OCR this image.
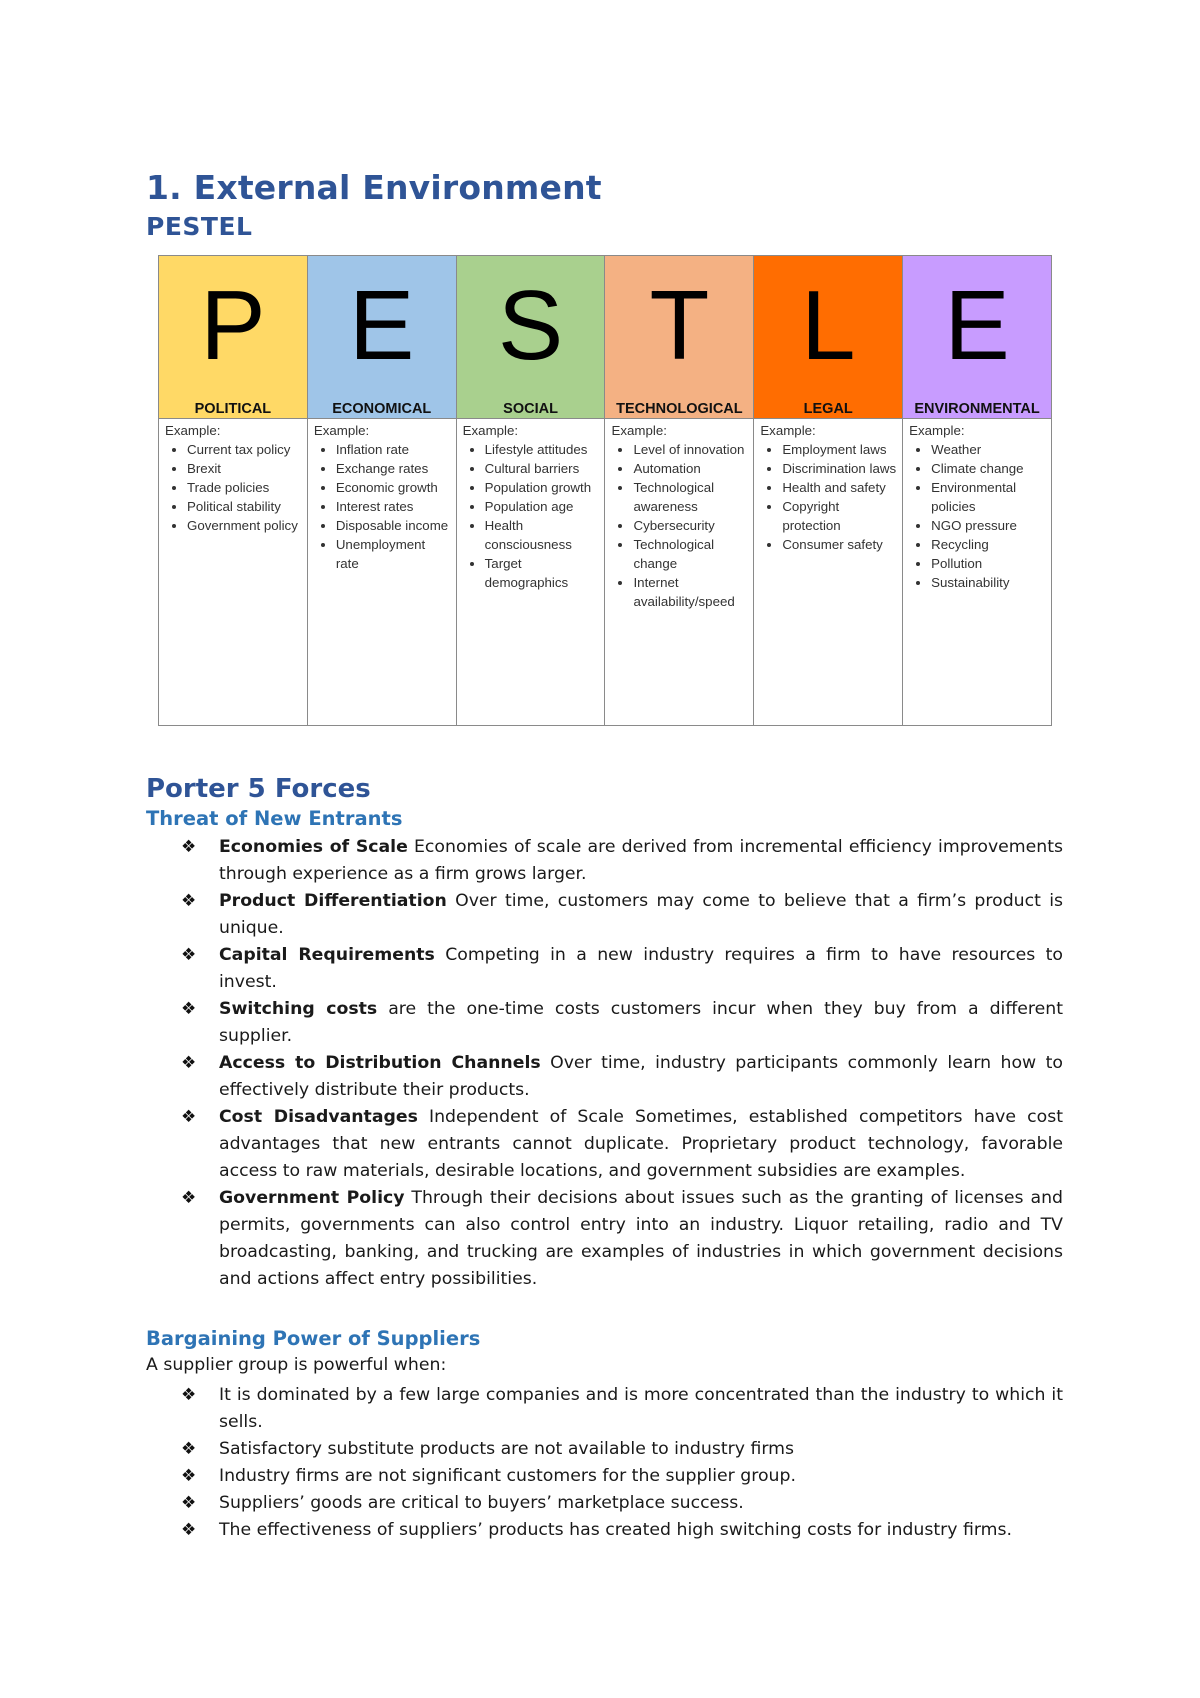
1. External Environment
PESTEL
P
POLITICAL
Example:
• Current tax policy
• Brexit
• Trade policies
• Political stability
• Government policy
E
ECONOMICAL
Example:
• Inflation rate
• Exchange rates
• Economic growth
• Interest rates
• Disposable income
• Unemployment rate
S
SOCIAL
Example:
• Lifestyle attitudes
• Cultural barriers
• Population growth
• Population age
• Health consciousness
• Target demographics
T
TECHNOLOGICAL
Example:
• Level of innovation
• Automation
• Technological awareness
• Cybersecurity
• Technological change
• Internet availability/speed
L
LEGAL
Example:
• Employment laws
• Discrimination laws
• Health and safety
• Copyright protection
• Consumer safety
E
ENVIRONMENTAL
Example:
• Weather
• Climate change
• Environmental policies
• NGO pressure
• Recycling
• Pollution
• Sustainability
Porter 5 Forces
Threat of New Entrants
❖ Economies of Scale Economies of scale are derived from incremental efficiency improvements through experience as a firm grows larger.
❖ Product Differentiation Over time, customers may come to believe that a firm’s product is unique.
❖ Capital Requirements Competing in a new industry requires a firm to have resources to invest.
❖ Switching costs are the one-time costs customers incur when they buy from a different supplier.
❖ Access to Distribution Channels Over time, industry participants commonly learn how to effectively distribute their products.
❖ Cost Disadvantages Independent of Scale Sometimes, established competitors have cost advantages that new entrants cannot duplicate. Proprietary product technology, favorable access to raw materials, desirable locations, and government subsidies are examples.
❖ Government Policy Through their decisions about issues such as the granting of licenses and permits, governments can also control entry into an industry. Liquor retailing, radio and TV broadcasting, banking, and trucking are examples of industries in which government decisions and actions affect entry possibilities.
Bargaining Power of Suppliers

A supplier group is powerful when:

❖ It is dominated by a few large companies and is more concentrated than the industry to which it sells.
❖ Satisfactory substitute products are not available to industry firms
❖ Industry firms are not significant customers for the supplier group.
❖ Suppliers’ goods are critical to buyers’ marketplace success.
❖ The effectiveness of suppliers’ products has created high switching costs for industry firms.
